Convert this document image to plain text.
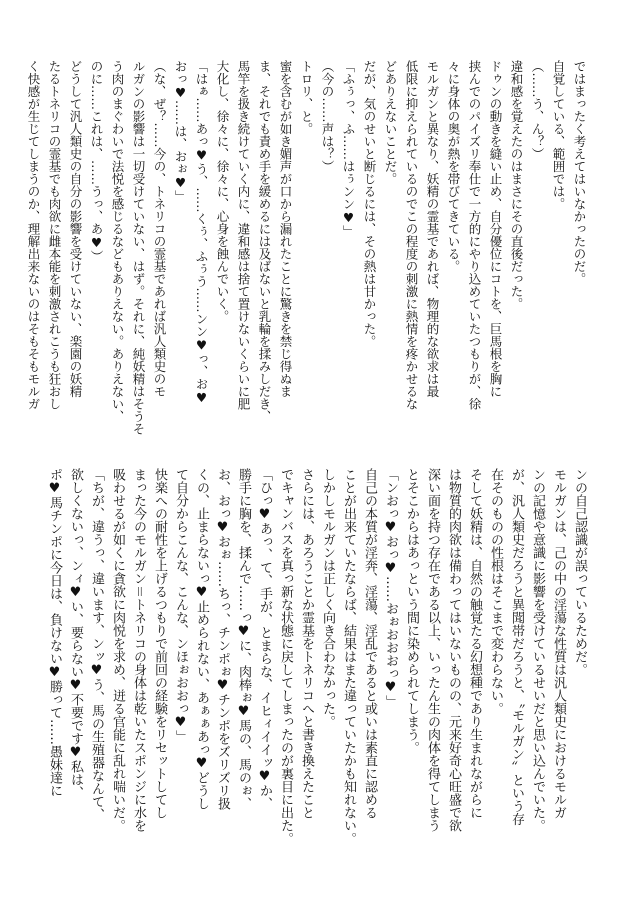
ではまったく考えてはいなかったのだ。

自覚している、範囲では。

（……う、ん？）

違和感を覚えたのはまさにその直後だった。

ドゥンの動きを縫い止め、自分優位にコトを、巨馬根を胸に

挟んでのパイズリ奉仕で一方的にやり込めていたつもりが、徐

々に身体の奥が熱を帯びてきている。

モルガンと異なり、妖精の霊基であれば、物理的な欲求は最

低限に抑えられているのでこの程度の刺激に熱情を疼かせるな

どありえないことだ。

だが、気のせいと断じるには、その熱は甘かった。

「ふぅっ、ふ……はぅンン♥」

（今の……声は？）

トロリ、と。

蜜を含むが如き媚声が口から漏れたことに驚きを禁じ得ぬま

ま、それでも責め手を緩めるには及ばないと乳輪を揉みしだき、

馬竿を扱き続けていく内に、違和感は捨て置けないくらいに肥

大化し、徐々に、徐々に、心身を蝕んでいく。

「はぁ……あっ♥う、……くぅ、ふぅう……ンン♥っ、お♥

おっ♥……は、おぉ♥」

（な、ぜ？……今の、トネリコの霊基であれば汎人類史のモ

ルガンの影響は一切受けていない、はず。それに、純妖精はそうそ

う肉のまぐわいで法悦を感じるなどもありえない。ありえない、

のに……これは、……うっ、あ♥）

どうして汎人類史の自分の影響を受けていない、楽園の妖精

たるトネリコの霊基でも肉欲に雌本能を刺激されこうも狂おし

く快感が生じてしまうのか、理解出来ないのはそもそもモルガ

ンの自己認識が誤っているためだ。

モルガンは、己の中の淫蕩な性質は汎人類史におけるモルガ

ンの記憶や意識に影響を受けているせいだと思い込んでいた。

が、汎人類史だろうと異聞帯だろうと、〝モルガン〟という存

在そのものの性根はそこまで変わらない。

そして妖精は、自然の触覚たる幻想種であり生まれながらに

は物質的肉欲は備わってはいないものの、元来好奇心旺盛で欲

深い面を持つ存在である以上、いったん生の肉体を得てしまう

とそこからはあっという間に染められてしまう。

「ンおっ♥おっ♥……おぉおおおっ♥」

自己の本質が淫奔、淫蕩、淫乱であると或いは素直に認める

ことが出来ていたならば、結果はまた違っていたかも知れない。

しかしモルガンは正しく向き合わなかった。

さらには、あろうことか霊基をトネリコへと書き換えたこと

でキャンバスを真っ新な状態に戻してしまったのが裏目に出た。

「ひっ♥あっ、て、手が、とまらな、イヒィイイッ♥か、

勝手に胸を、揉んで……っ♥に、肉棒ぉ♥馬の、馬のぉ、

お、おっ♥おぉ……ちっ、チンポぉ♥チンポをズリズリ扱

くの、止まらないっ♥止められない、あぁぁあっ♥どうし

て自分からこんな、こんな、ンほぉおおっ♥」

快楽への耐性を上げるつもりで前回の経験をリセットしてし

まった今のモルガン＝トネリコの身体は乾いたスポンジに水を

吸わせるが如くに貪欲に肉悦を求め、迸る官能に乱れ喘いだ。

「ちが、違うっ、違います、ンッ♥う、馬の生殖器なんて、

欲しくないっ、ンィ♥い、要らない♥不要です♥私は、

ポ♥馬チンポに今日は、負けない♥勝って……愚妹達に
